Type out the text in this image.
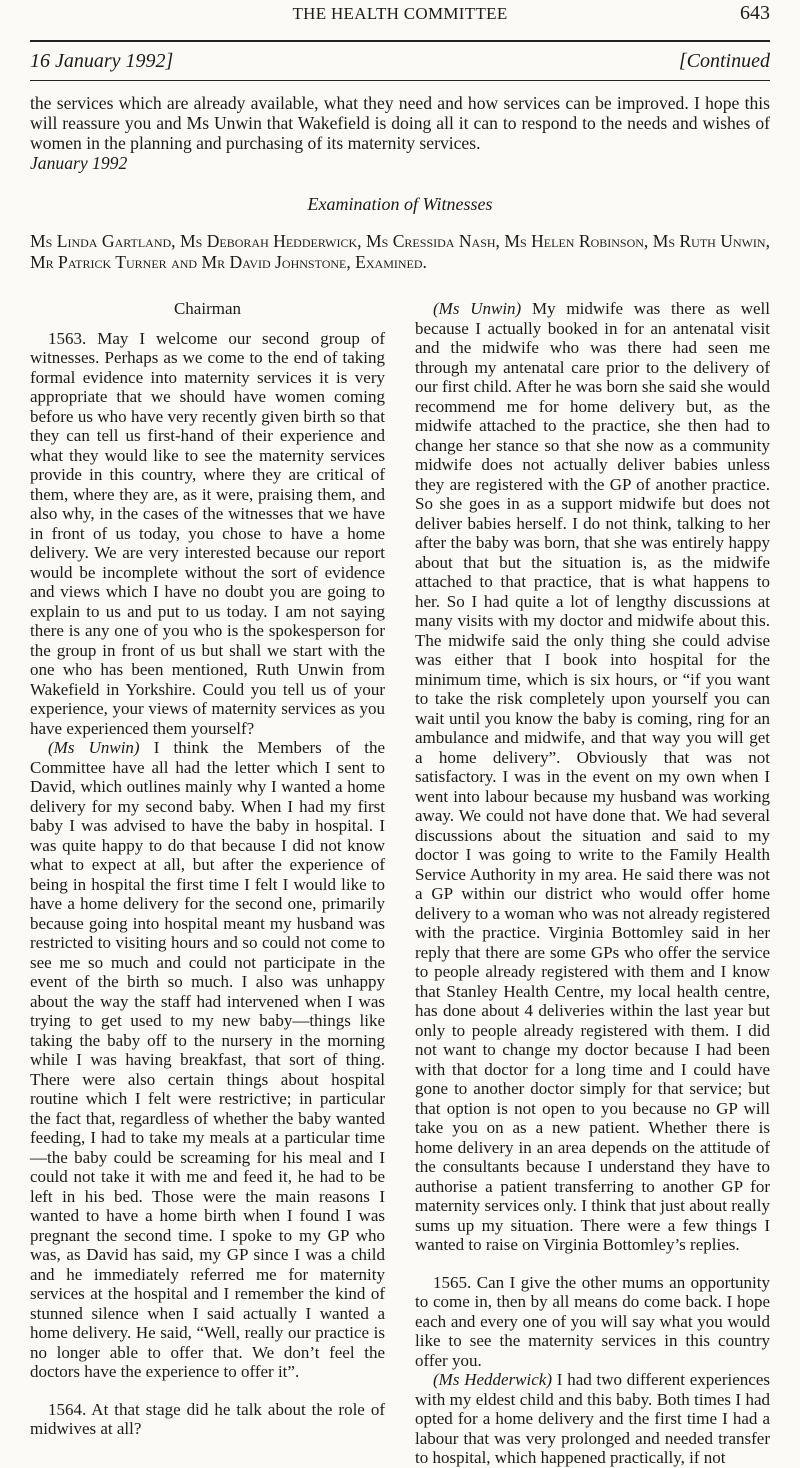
THE HEALTH COMMITTEE	643
16 January 1992]	[Continued
the services which are already available, what they need and how services can be improved. I hope this will reassure you and Ms Unwin that Wakefield is doing all it can to respond to the needs and wishes of women in the planning and purchasing of its maternity services.
January 1992
Examination of Witnesses
Ms Linda Gartland, Ms Deborah Hedderwick, Ms Cressida Nash, Ms Helen Robinson, Ms Ruth Unwin, Mr Patrick Turner and Mr David Johnstone, Examined.
Chairman

1563. May I welcome our second group of witnesses. Perhaps as we come to the end of taking formal evidence into maternity services it is very appropriate that we should have women coming before us who have very recently given birth so that they can tell us first-hand of their experience and what they would like to see the maternity services provide in this country, where they are critical of them, where they are, as it were, praising them, and also why, in the cases of the witnesses that we have in front of us today, you chose to have a home delivery. We are very interested because our report would be incomplete without the sort of evidence and views which I have no doubt you are going to explain to us and put to us today. I am not saying there is any one of you who is the spokesperson for the group in front of us but shall we start with the one who has been mentioned, Ruth Unwin from Wakefield in Yorkshire. Could you tell us of your experience, your views of maternity services as you have experienced them yourself?

(Ms Unwin) I think the Members of the Committee have all had the letter which I sent to David, which outlines mainly why I wanted a home delivery for my second baby. When I had my first baby I was advised to have the baby in hospital. I was quite happy to do that because I did not know what to expect at all, but after the experience of being in hospital the first time I felt I would like to have a home delivery for the second one, primarily because going into hospital meant my husband was restricted to visiting hours and so could not come to see me so much and could not participate in the event of the birth so much. I also was unhappy about the way the staff had intervened when I was trying to get used to my new baby—things like taking the baby off to the nursery in the morning while I was having breakfast, that sort of thing. There were also certain things about hospital routine which I felt were restrictive; in particular the fact that, regardless of whether the baby wanted feeding, I had to take my meals at a particular time—the baby could be screaming for his meal and I could not take it with me and feed it, he had to be left in his bed. Those were the main reasons I wanted to have a home birth when I found I was pregnant the second time. I spoke to my GP who was, as David has said, my GP since I was a child and he immediately referred me for maternity services at the hospital and I remember the kind of stunned silence when I said actually I wanted a home delivery. He said, “Well, really our practice is no longer able to offer that. We don’t feel the doctors have the experience to offer it”.

1564. At that stage did he talk about the role of midwives at all?

(Ms Unwin) My midwife was there as well because I actually booked in for an antenatal visit and the midwife who was there had seen me through my antenatal care prior to the delivery of our first child. After he was born she said she would recommend me for home delivery but, as the midwife attached to the practice, she then had to change her stance so that she now as a community midwife does not actually deliver babies unless they are registered with the GP of another practice. So she goes in as a support midwife but does not deliver babies herself. I do not think, talking to her after the baby was born, that she was entirely happy about that but the situation is, as the midwife attached to that practice, that is what happens to her. So I had quite a lot of lengthy discussions at many visits with my doctor and midwife about this. The midwife said the only thing she could advise was either that I book into hospital for the minimum time, which is six hours, or “if you want to take the risk completely upon yourself you can wait until you know the baby is coming, ring for an ambulance and midwife, and that way you will get a home delivery”. Obviously that was not satisfactory. I was in the event on my own when I went into labour because my husband was working away. We could not have done that. We had several discussions about the situation and said to my doctor I was going to write to the Family Health Service Authority in my area. He said there was not a GP within our district who would offer home delivery to a woman who was not already registered with the practice. Virginia Bottomley said in her reply that there are some GPs who offer the service to people already registered with them and I know that Stanley Health Centre, my local health centre, has done about 4 deliveries within the last year but only to people already registered with them. I did not want to change my doctor because I had been with that doctor for a long time and I could have gone to another doctor simply for that service; but that option is not open to you because no GP will take you on as a new patient. Whether there is home delivery in an area depends on the attitude of the consultants because I understand they have to authorise a patient transferring to another GP for maternity services only. I think that just about really sums up my situation. There were a few things I wanted to raise on Virginia Bottomley’s replies.

1565. Can I give the other mums an opportunity to come in, then by all means do come back. I hope each and every one of you will say what you would like to see the maternity services in this country offer you.

(Ms Hedderwick) I had two different experiences with my eldest child and this baby. Both times I had opted for a home delivery and the first time I had a labour that was very prolonged and needed transfer to hospital, which happened practically, if not
